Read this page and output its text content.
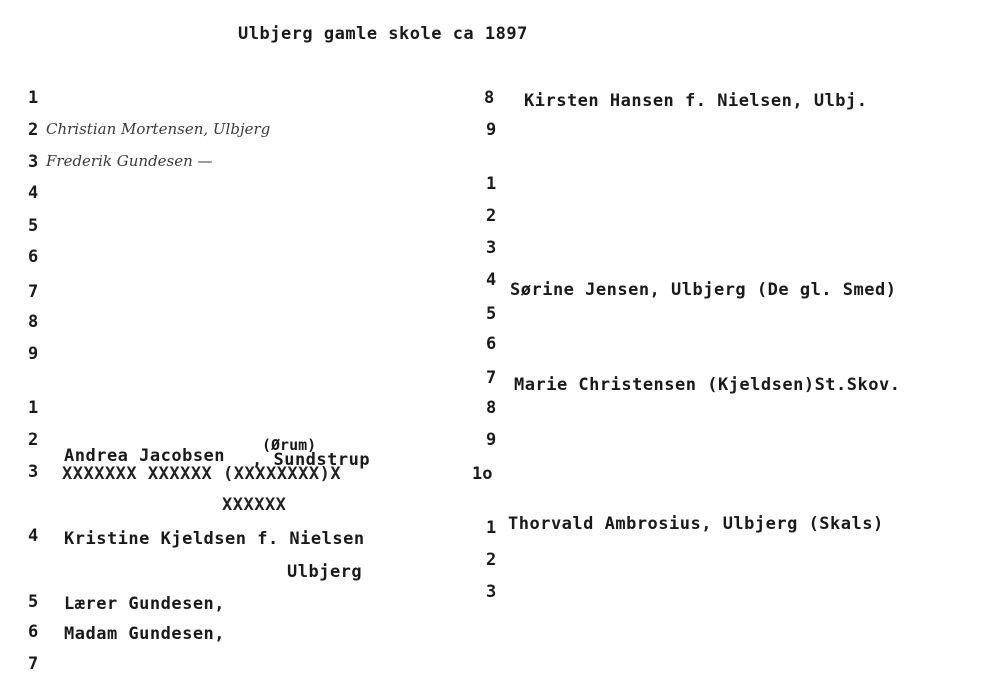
Ulbjerg gamle skole ca 1897
1
2
3
4
5
6
7
8
9
1
2
3
4
5
6
7
Christian Mortensen, Ulbjerg
Frederik Gundesen —
(Ørum)
Andrea Jacobsen , Sundstrup
XXXXXXX XXXXXX (XXXXXXXX)X
XXXXXX
Kristine Kjeldsen f. Nielsen
Ulbjerg
Lærer Gundesen,
Madam Gundesen,
8 Kirsten Hansen f. Nielsen, Ulbj.
9
1
2
3
4
5
6
7
8
9
1o
Sørine Jensen, Ulbjerg (De gl. Smed)
Marie Christensen (Kjeldsen)St.Skov.
1 Thorvald Ambrosius, Ulbjerg (Skals)
2
3
